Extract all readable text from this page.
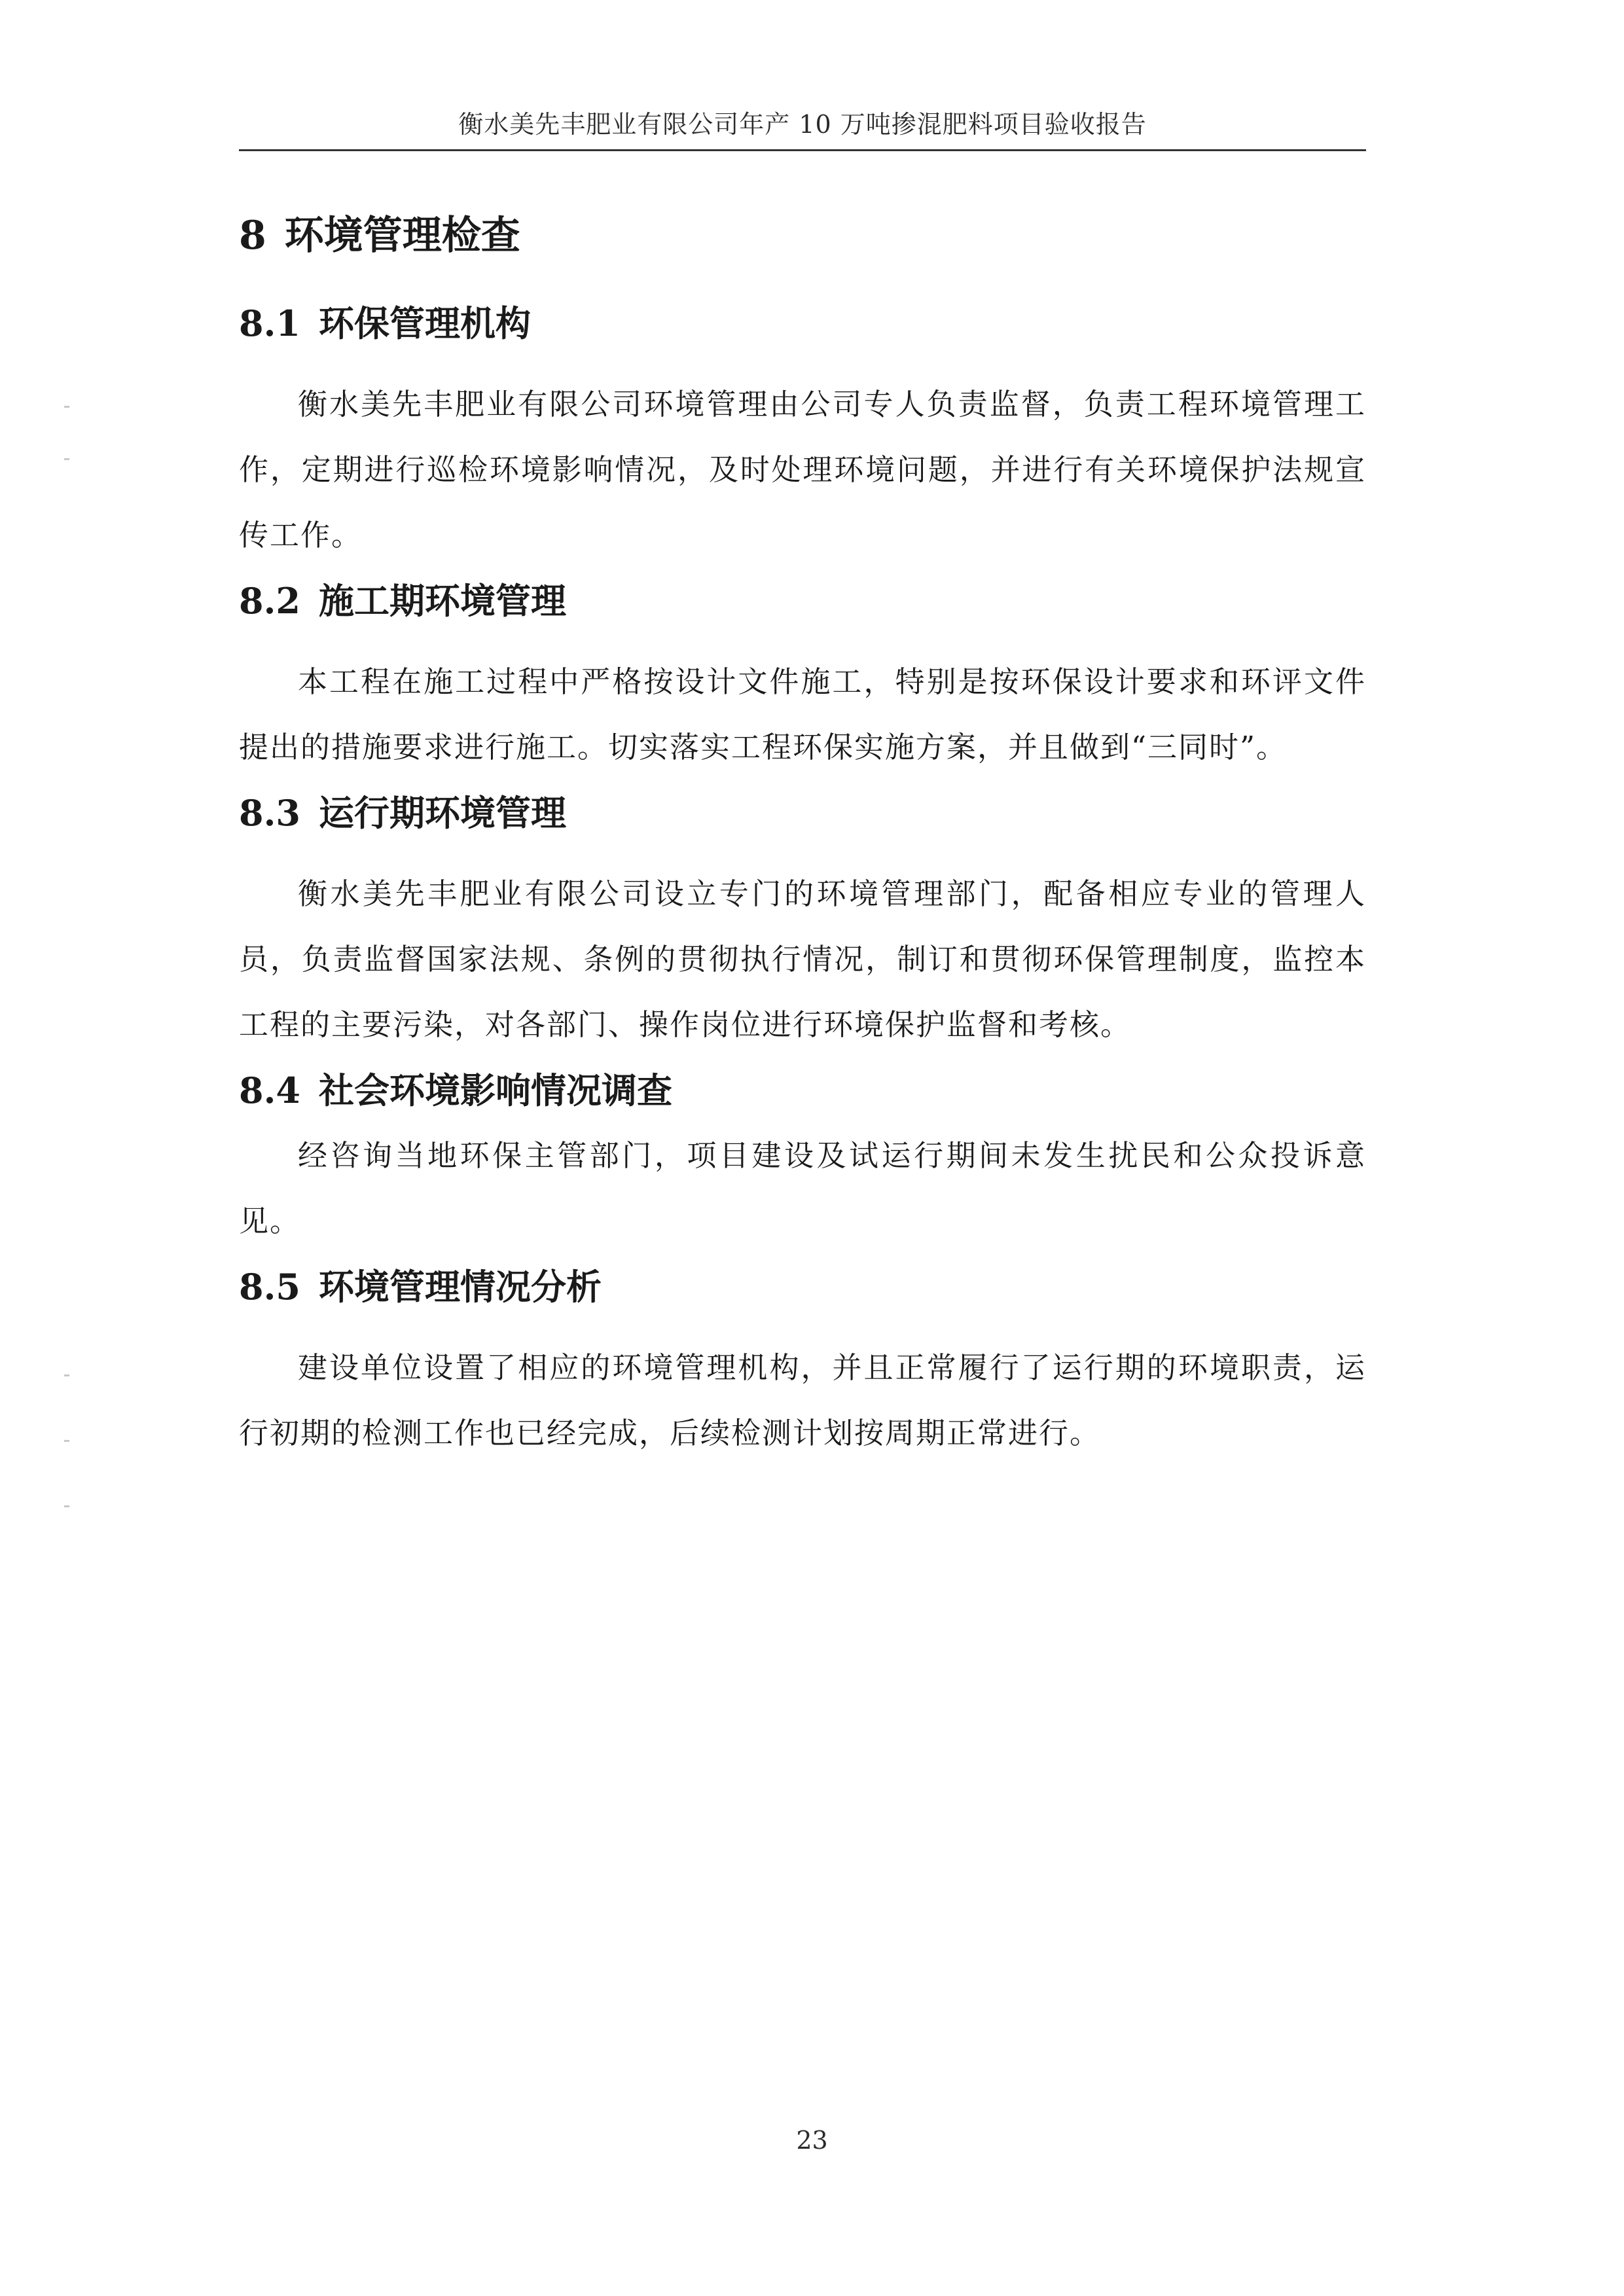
衡水美先丰肥业有限公司年产 10 万吨掺混肥料项目验收报告
8 环境管理检查
8.1 环保管理机构

衡水美先丰肥业有限公司环境管理由公司专人负责监督，负责工程环境管理工作，定期进行巡检环境影响情况，及时处理环境问题，并进行有关环境保护法规宣传工作。

8.2 施工期环境管理

本工程在施工过程中严格按设计文件施工，特别是按环保设计要求和环评文件提出的措施要求进行施工。切实落实工程环保实施方案，并且做到“三同时”。

8.3 运行期环境管理

衡水美先丰肥业有限公司设立专门的环境管理部门，配备相应专业的管理人员，负责监督国家法规、条例的贯彻执行情况，制订和贯彻环保管理制度，监控本工程的主要污染，对各部门、操作岗位进行环境保护监督和考核。

8.4 社会环境影响情况调查

经咨询当地环保主管部门，项目建设及试运行期间未发生扰民和公众投诉意见。

8.5 环境管理情况分析

建设单位设置了相应的环境管理机构，并且正常履行了运行期的环境职责，运行初期的检测工作也已经完成，后续检测计划按周期正常进行。

23
